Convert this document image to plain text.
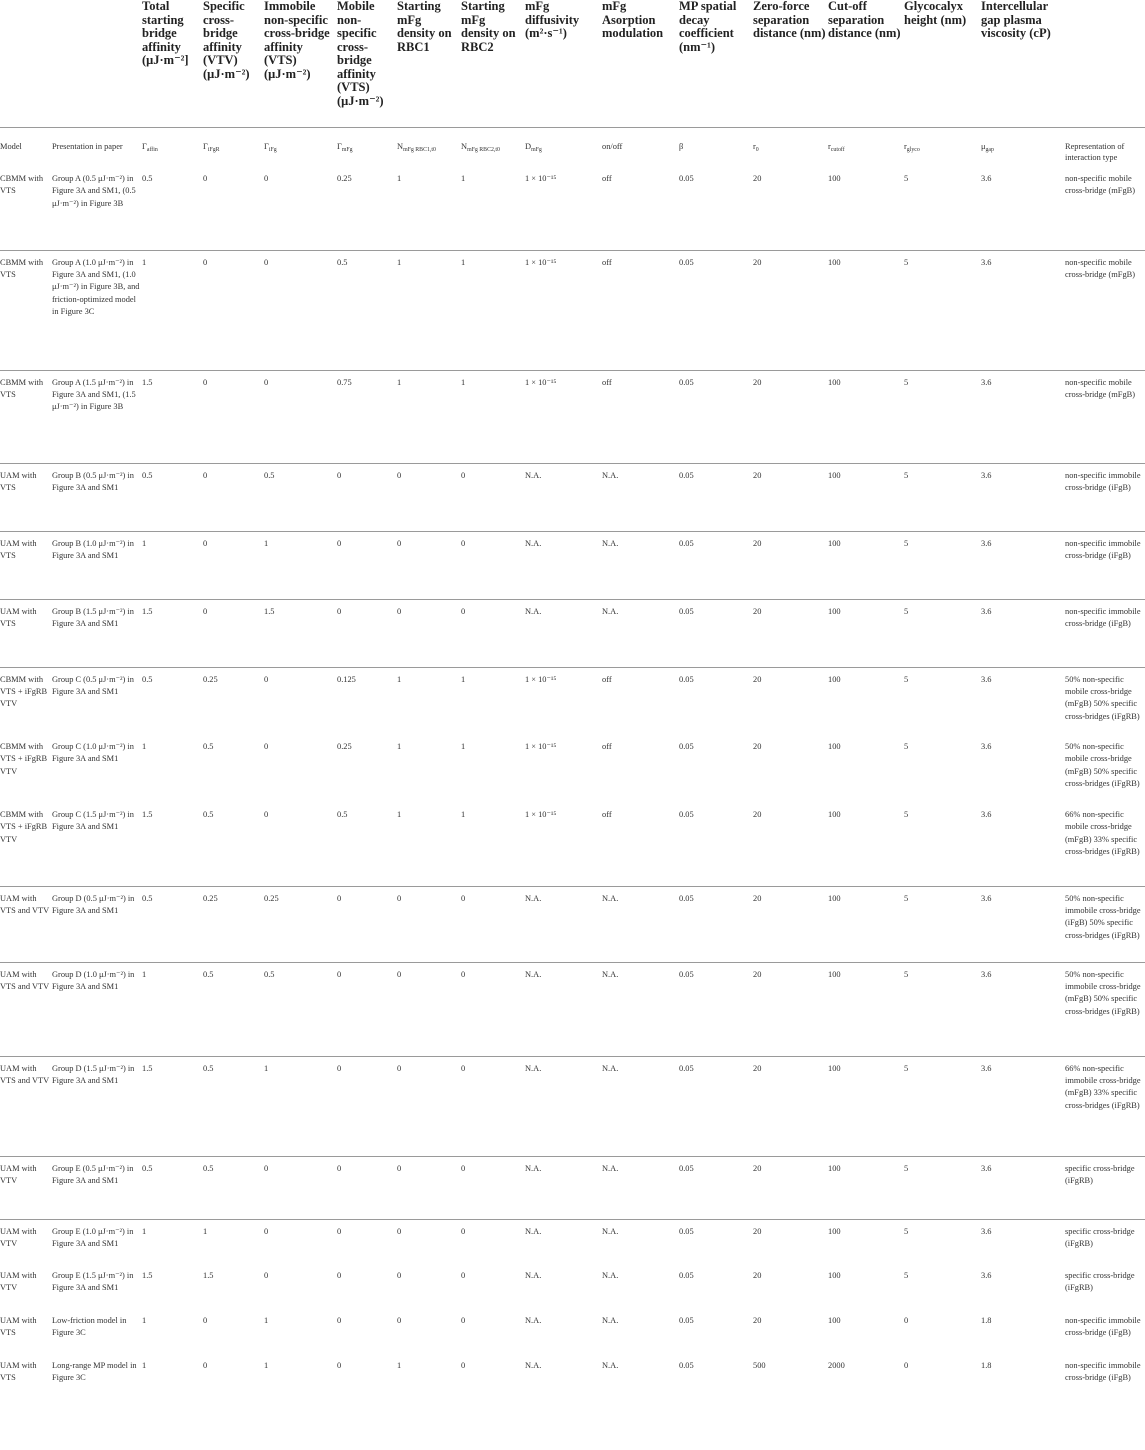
		Total starting bridge affinity (μJ·m⁻²]	Specific cross-bridge affinity (VTV) (μJ·m⁻²)	Immobile non-specific cross-bridge affinity (VTS) (μJ·m⁻²)	Mobile non-specific cross-bridge affinity (VTS) (μJ·m⁻²)	Starting mFg density on RBC1	Starting mFg density on RBC2	mFg diffusivity (m²·s⁻¹)	mFg Asorption modulation	MP spatial decay coefficient (nm⁻¹)	Zero-force separation distance (nm)	Cut-off separation distance (nm)	Glycocalyx height (nm)	Intercellular gap plasma viscosity (cP)	
Model	Presentation in paper	$\Gamma_{affin}$	$\Gamma_{iFgR}$	$\Gamma_{iFg}$	$\Gamma_{mFg}$	$N_{mFg RBC1,t0}$	$N_{mFg RBC2,t0}$	$D_{mFg}$	on/off	β	$r_0$	$r_{cutoff}$	$r_{glyco}$	$\mu_{gap}$	Representation of interaction type
CBMM with VTS	Group A (0.5 μJ·m⁻²) in Figure 3A and SM1, (0.5 μJ·m⁻²) in Figure 3B	0.5	0	0	0.25	1	1	1 × 10⁻¹⁵	off	0.05	20	100	5	3.6	non-specific mobile cross-bridge (mFgB)
CBMM with VTS	Group A (1.0 μJ·m⁻²) in Figure 3A and SM1, (1.0 μJ·m⁻²) in Figure 3B, and friction-optimized model in Figure 3C	1	0	0	0.5	1	1	1 × 10⁻¹⁵	off	0.05	20	100	5	3.6	non-specific mobile cross-bridge (mFgB)
CBMM with VTS	Group A (1.5 μJ·m⁻²) in Figure 3A and SM1, (1.5 μJ·m⁻²) in Figure 3B	1.5	0	0	0.75	1	1	1 × 10⁻¹⁵	off	0.05	20	100	5	3.6	non-specific mobile cross-bridge (mFgB)
UAM with VTS	Group B (0.5 μJ·m⁻²) in Figure 3A and SM1	0.5	0	0.5	0	0	0	N.A.	N.A.	0.05	20	100	5	3.6	non-specific immobile cross-bridge (iFgB)
UAM with VTS	Group B (1.0 μJ·m⁻²) in Figure 3A and SM1	1	0	1	0	0	0	N.A.	N.A.	0.05	20	100	5	3.6	non-specific immobile cross-bridge (iFgB)
UAM with VTS	Group B (1.5 μJ·m⁻²) in Figure 3A and SM1	1.5	0	1.5	0	0	0	N.A.	N.A.	0.05	20	100	5	3.6	non-specific immobile cross-bridge (iFgB)
CBMM with VTS + iFgRB VTV	Group C (0.5 μJ·m⁻²) in Figure 3A and SM1	0.5	0.25	0	0.125	1	1	1 × 10⁻¹⁵	off	0.05	20	100	5	3.6	50% non-specific mobile cross-bridge (mFgB) 50% specific cross-bridges (iFgRB)
CBMM with VTS + iFgRB VTV	Group C (1.0 μJ·m⁻²) in Figure 3A and SM1	1	0.5	0	0.25	1	1	1 × 10⁻¹⁵	off	0.05	20	100	5	3.6	50% non-specific mobile cross-bridge (mFgB) 50% specific cross-bridges (iFgRB)
CBMM with VTS + iFgRB VTV	Group C (1.5 μJ·m⁻²) in Figure 3A and SM1	1.5	0.5	0	0.5	1	1	1 × 10⁻¹⁵	off	0.05	20	100	5	3.6	66% non-specific mobile cross-bridge (mFgB) 33% specific cross-bridges (iFgRB)
UAM with VTS and VTV	Group D (0.5 μJ·m⁻²) in Figure 3A and SM1	0.5	0.25	0.25	0	0	0	N.A.	N.A.	0.05	20	100	5	3.6	50% non-specific immobile cross-bridge (iFgB) 50% specific cross-bridges (iFgRB)
UAM with VTS and VTV	Group D (1.0 μJ·m⁻²) in Figure 3A and SM1	1	0.5	0.5	0	0	0	N.A.	N.A.	0.05	20	100	5	3.6	50% non-specific immobile cross-bridge (mFgB) 50% specific cross-bridges (iFgRB)
UAM with VTS and VTV	Group D (1.5 μJ·m⁻²) in Figure 3A and SM1	1.5	0.5	1	0	0	0	N.A.	N.A.	0.05	20	100	5	3.6	66% non-specific immobile cross-bridge (mFgB) 33% specific cross-bridges (iFgRB)
UAM with VTV	Group E (0.5 μJ·m⁻²) in Figure 3A and SM1	0.5	0.5	0	0	0	0	N.A.	N.A.	0.05	20	100	5	3.6	specific cross-bridge (iFgRB)
UAM with VTV	Group E (1.0 μJ·m⁻²) in Figure 3A and SM1	1	1	0	0	0	0	N.A.	N.A.	0.05	20	100	5	3.6	specific cross-bridge (iFgRB)
UAM with VTV	Group E (1.5 μJ·m⁻²) in Figure 3A and SM1	1.5	1.5	0	0	0	0	N.A.	N.A.	0.05	20	100	5	3.6	specific cross-bridge (iFgRB)
UAM with VTS	Low-friction model in Figure 3C	1	0	1	0	0	0	N.A.	N.A.	0.05	20	100	0	1.8	non-specific immobile cross-bridge (iFgB)
UAM with VTS	Long-range MP model in Figure 3C	1	0	1	0	1	0	N.A.	N.A.	0.05	500	2000	0	1.8	non-specific immobile cross-bridge (iFgB)
